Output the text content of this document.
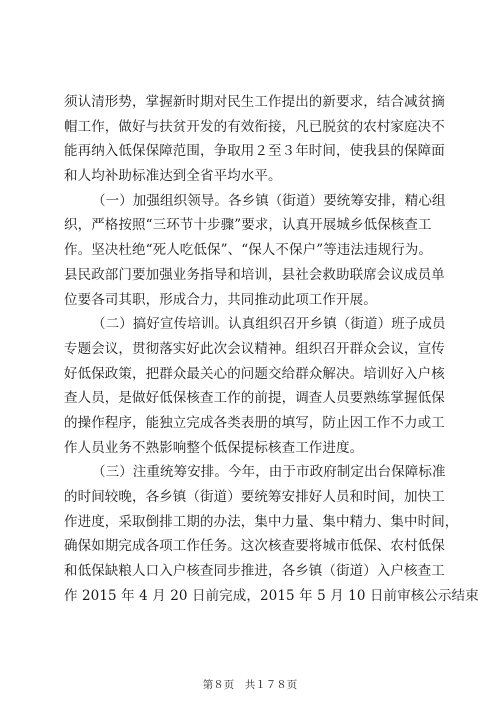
须认清形势，掌握新时期对民生工作提出的新要求，结合减贫摘
帽工作，做好与扶贫开发的有效衔接，凡已脱贫的农村家庭决不
能再纳入低保保障范围，争取用２至３年时间，使我县的保障面
和人均补助标准达到全省平均水平。
（一）加强组织领导。各乡镇（街道）要统筹安排，精心组
织，严格按照“三环节十步骤”要求，认真开展城乡低保核查工
作。坚决杜绝“死人吃低保”、“保人不保户”等违法违规行为。
县民政部门要加强业务指导和培训，县社会救助联席会议成员单
位要各司其职，形成合力，共同推动此项工作开展。
（二）搞好宣传培训。认真组织召开乡镇（街道）班子成员
专题会议，贯彻落实好此次会议精神。组织召开群众会议，宣传
好低保政策，把群众最关心的问题交给群众解决。培训好入户核
查人员，是做好低保核查工作的前提，调查人员要熟练掌握低保
的操作程序，能独立完成各类表册的填写，防止因工作不力或工
作人员业务不熟影响整个低保提标核查工作进度。
（三）注重统筹安排。今年，由于市政府制定出台保障标准
的时间较晚，各乡镇（街道）要统筹安排好人员和时间，加快工
作进度，采取倒排工期的办法，集中力量、集中精力、集中时间，
确保如期完成各项工作任务。这次核查要将城市低保、农村低保
和低保缺粮人口入户核查同步推进，各乡镇（街道）入户核查工
作 2015 年 4 月 20 日前完成，2015 年 5 月 10 日前审核公示结束
第８页　共１７８页
